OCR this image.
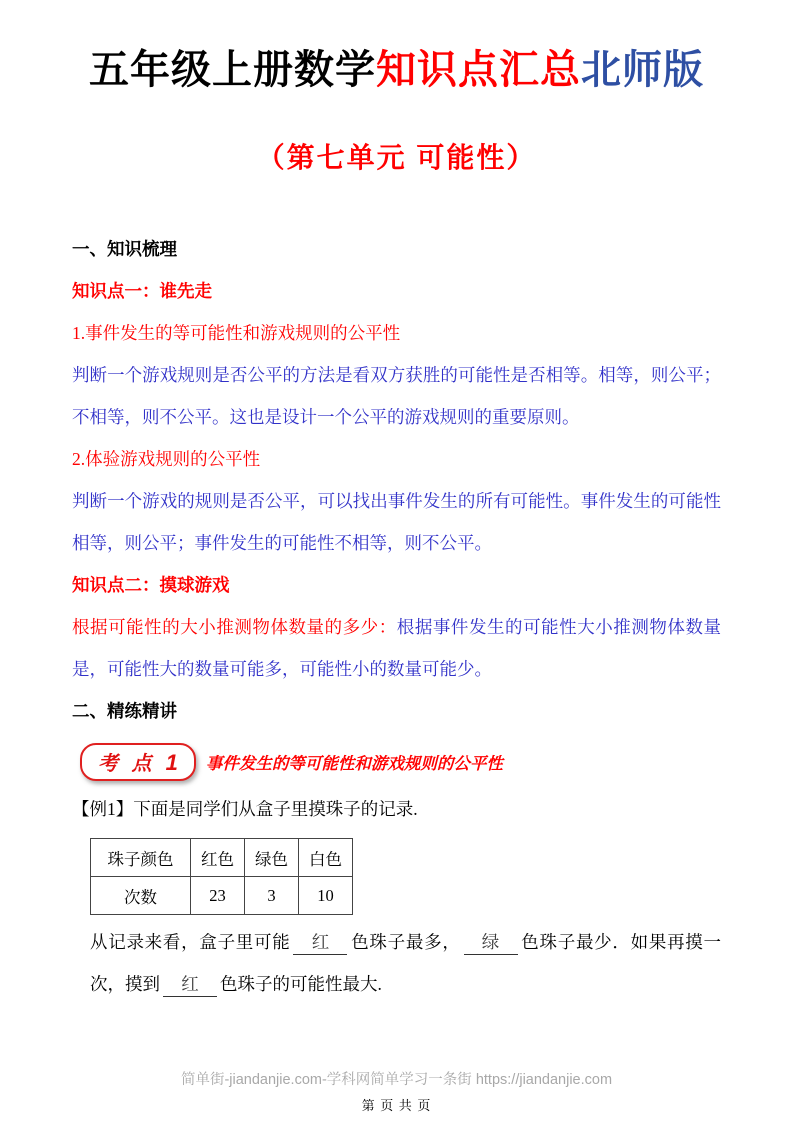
五年级上册数学知识点汇总北师版
（第七单元 可能性）
一、知识梳理
知识点一：谁先走
1.事件发生的等可能性和游戏规则的公平性
判断一个游戏规则是否公平的方法是看双方获胜的可能性是否相等。相等，则公平；不相等，则不公平。这也是设计一个公平的游戏规则的重要原则。
2.体验游戏规则的公平性
判断一个游戏的规则是否公平，可以找出事件发生的所有可能性。事件发生的可能性相等，则公平；事件发生的可能性不相等，则不公平。
知识点二：摸球游戏
根据可能性的大小推测物体数量的多少：根据事件发生的可能性大小推测物体数量是，可能性大的数量可能多，可能性小的数量可能少。
二、精练精讲
考 点 1 事件发生的等可能性和游戏规则的公平性
【例1】下面是同学们从盒子里摸珠子的记录.
珠子颜色	红色	绿色	白色
次数	23	3	10
从记录来看，盒子里可能 红 色珠子最多， 绿 色珠子最少．如果再摸一次，摸到 红 色珠子的可能性最大.
简单街-jiandanjie.com-学科网简单学习一条街 https://jiandanjie.com
第 页 共 页
